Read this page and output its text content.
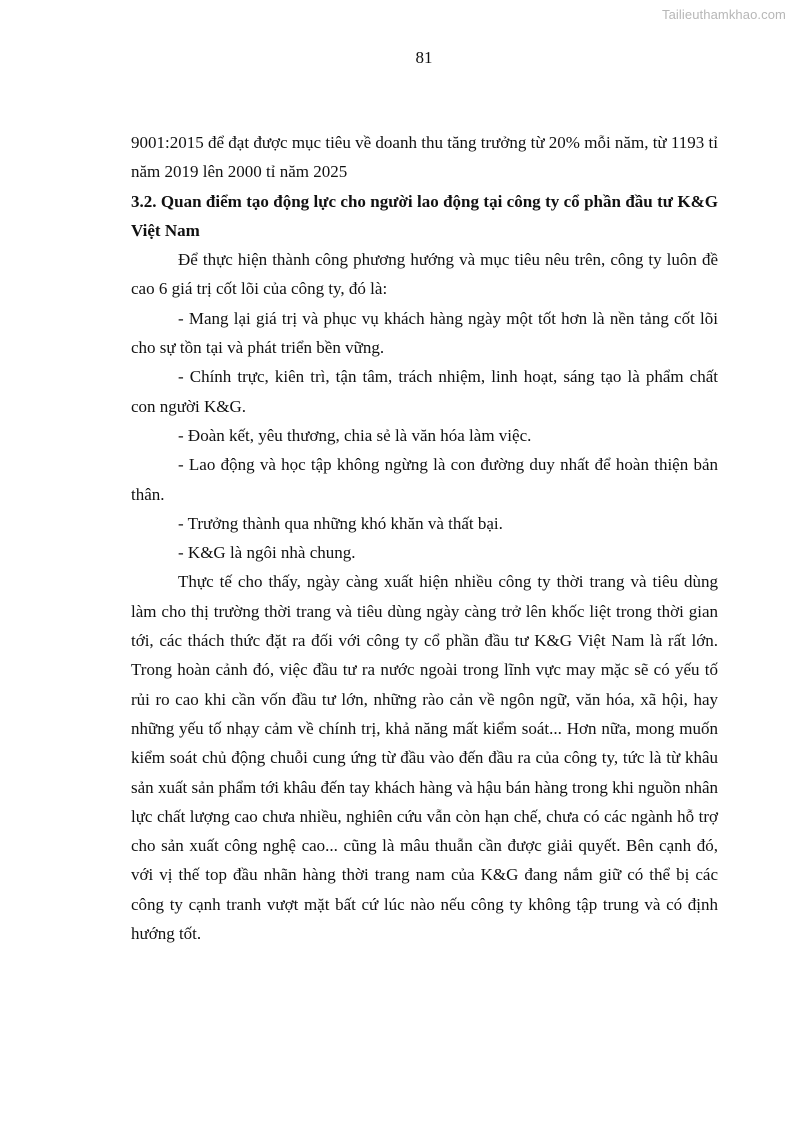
Tailieuthamkhao.com
81

9001:2015 để đạt được mục tiêu về doanh thu tăng trưởng từ 20% mỗi năm, từ 1193 tỉ năm 2019 lên 2000 tỉ năm 2025

3.2. Quan điểm tạo động lực cho người lao động tại công ty cổ phần đầu tư K&G Việt Nam

Để thực hiện thành công phương hướng và mục tiêu nêu trên, công ty luôn đề cao 6 giá trị cốt lõi của công ty, đó là:

- Mang lại giá trị và phục vụ khách hàng ngày một tốt hơn là nền tảng cốt lõi cho sự tồn tại và phát triển bền vững.

- Chính trực, kiên trì, tận tâm, trách nhiệm, linh hoạt, sáng tạo là phẩm chất con người K&G.

- Đoàn kết, yêu thương, chia sẻ là văn hóa làm việc.

- Lao động và học tập không ngừng là con đường duy nhất để hoàn thiện bản thân.

- Trưởng thành qua những khó khăn và thất bại.

- K&G là ngôi nhà chung.

Thực tế cho thấy, ngày càng xuất hiện nhiều công ty thời trang và tiêu dùng làm cho thị trường thời trang và tiêu dùng ngày càng trở lên khốc liệt trong thời gian tới, các thách thức đặt ra đối với công ty cổ phần đầu tư K&G Việt Nam là rất lớn. Trong hoàn cảnh đó, việc đầu tư ra nước ngoài trong lĩnh vực may mặc sẽ có yếu tố rủi ro cao khi cần vốn đầu tư lớn, những rào cản về ngôn ngữ, văn hóa, xã hội, hay những yếu tố nhạy cảm về chính trị, khả năng mất kiểm soát... Hơn nữa, mong muốn kiểm soát chủ động chuỗi cung ứng từ đầu vào đến đầu ra của công ty, tức là từ khâu sản xuất sản phẩm tới khâu đến tay khách hàng và hậu bán hàng trong khi nguồn nhân lực chất lượng cao chưa nhiều, nghiên cứu vẫn còn hạn chế, chưa có các ngành hỗ trợ cho sản xuất công nghệ cao... cũng là mâu thuẫn cần được giải quyết. Bên cạnh đó, với vị thế top đầu nhãn hàng thời trang nam của K&G đang nắm giữ có thể bị các công ty cạnh tranh vượt mặt bất cứ lúc nào nếu công ty không tập trung và có định hướng tốt.
